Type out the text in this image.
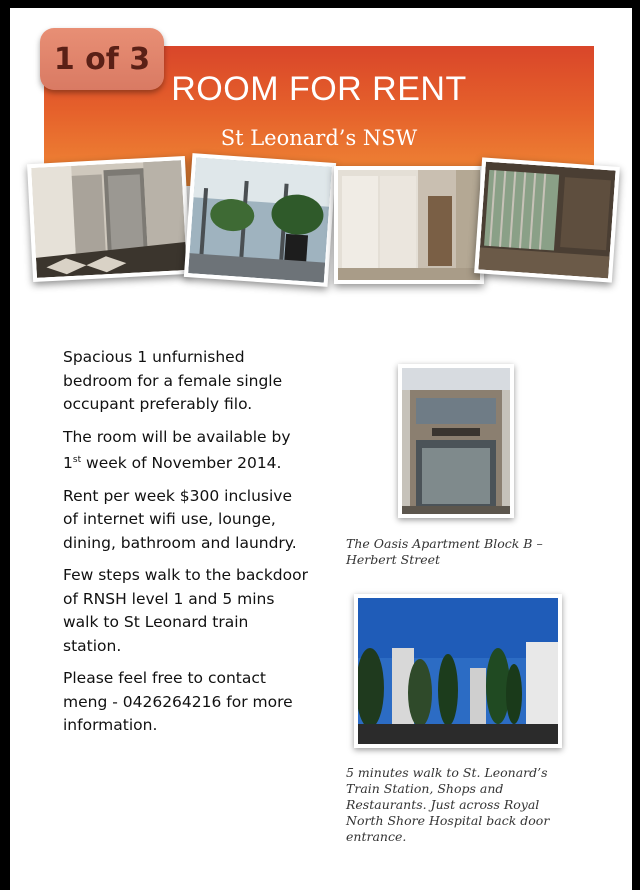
1 of 3
ROOM FOR RENT
St Leonard’s NSW

Spacious 1 unfurnished bedroom for a female single occupant preferably filo.

The room will be available by 1st week of November 2014.

Rent per week $300 inclusive of internet wifi use, lounge, dining, bathroom and laundry.

Few steps walk to the backdoor of RNSH level 1 and 5 mins walk to St Leonard train station.

Please feel free to contact meng - 0426264216 for more information.

The Oasis Apartment Block B – Herbert Street
5 minutes walk to St. Leonard’s Train Station, Shops and Restaurants. Just across Royal North Shore Hospital back door entrance.
